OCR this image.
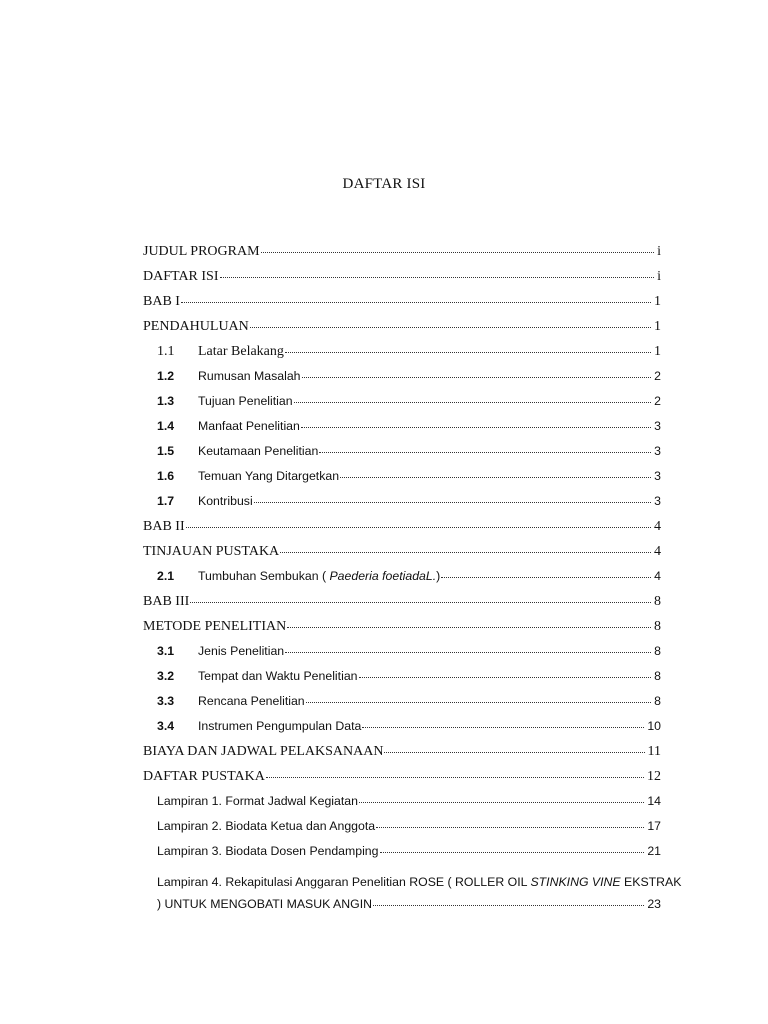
DAFTAR ISI
JUDUL PROGRAM	i
DAFTAR ISI	i
BAB I	1
PENDAHULUAN	1
1.1	Latar Belakang	1
1.2	Rumusan Masalah	2
1.3	Tujuan Penelitian	2
1.4	Manfaat Penelitian	3
1.5	Keutamaan Penelitian	3
1.6	Temuan Yang Ditargetkan	3
1.7	Kontribusi	3
BAB II	4
TINJAUAN PUSTAKA	4
2.1	Tumbuhan Sembukan ( Paederia foetiadaL.)	4
BAB III	8
METODE PENELITIAN	8
3.1	Jenis Penelitian	8
3.2	Tempat dan Waktu Penelitian	8
3.3	Rencana Penelitian	8
3.4	Instrumen Pengumpulan Data	10
BIAYA DAN JADWAL PELAKSANAAN	11
DAFTAR PUSTAKA	12
Lampiran 1. Format Jadwal Kegiatan	14
Lampiran 2. Biodata Ketua dan Anggota	17
Lampiran 3. Biodata Dosen Pendamping	21
Lampiran 4. Rekapitulasi Anggaran Penelitian ROSE ( ROLLER OIL STINKING VINE EKSTRAK
) UNTUK MENGOBATI MASUK ANGIN	23
